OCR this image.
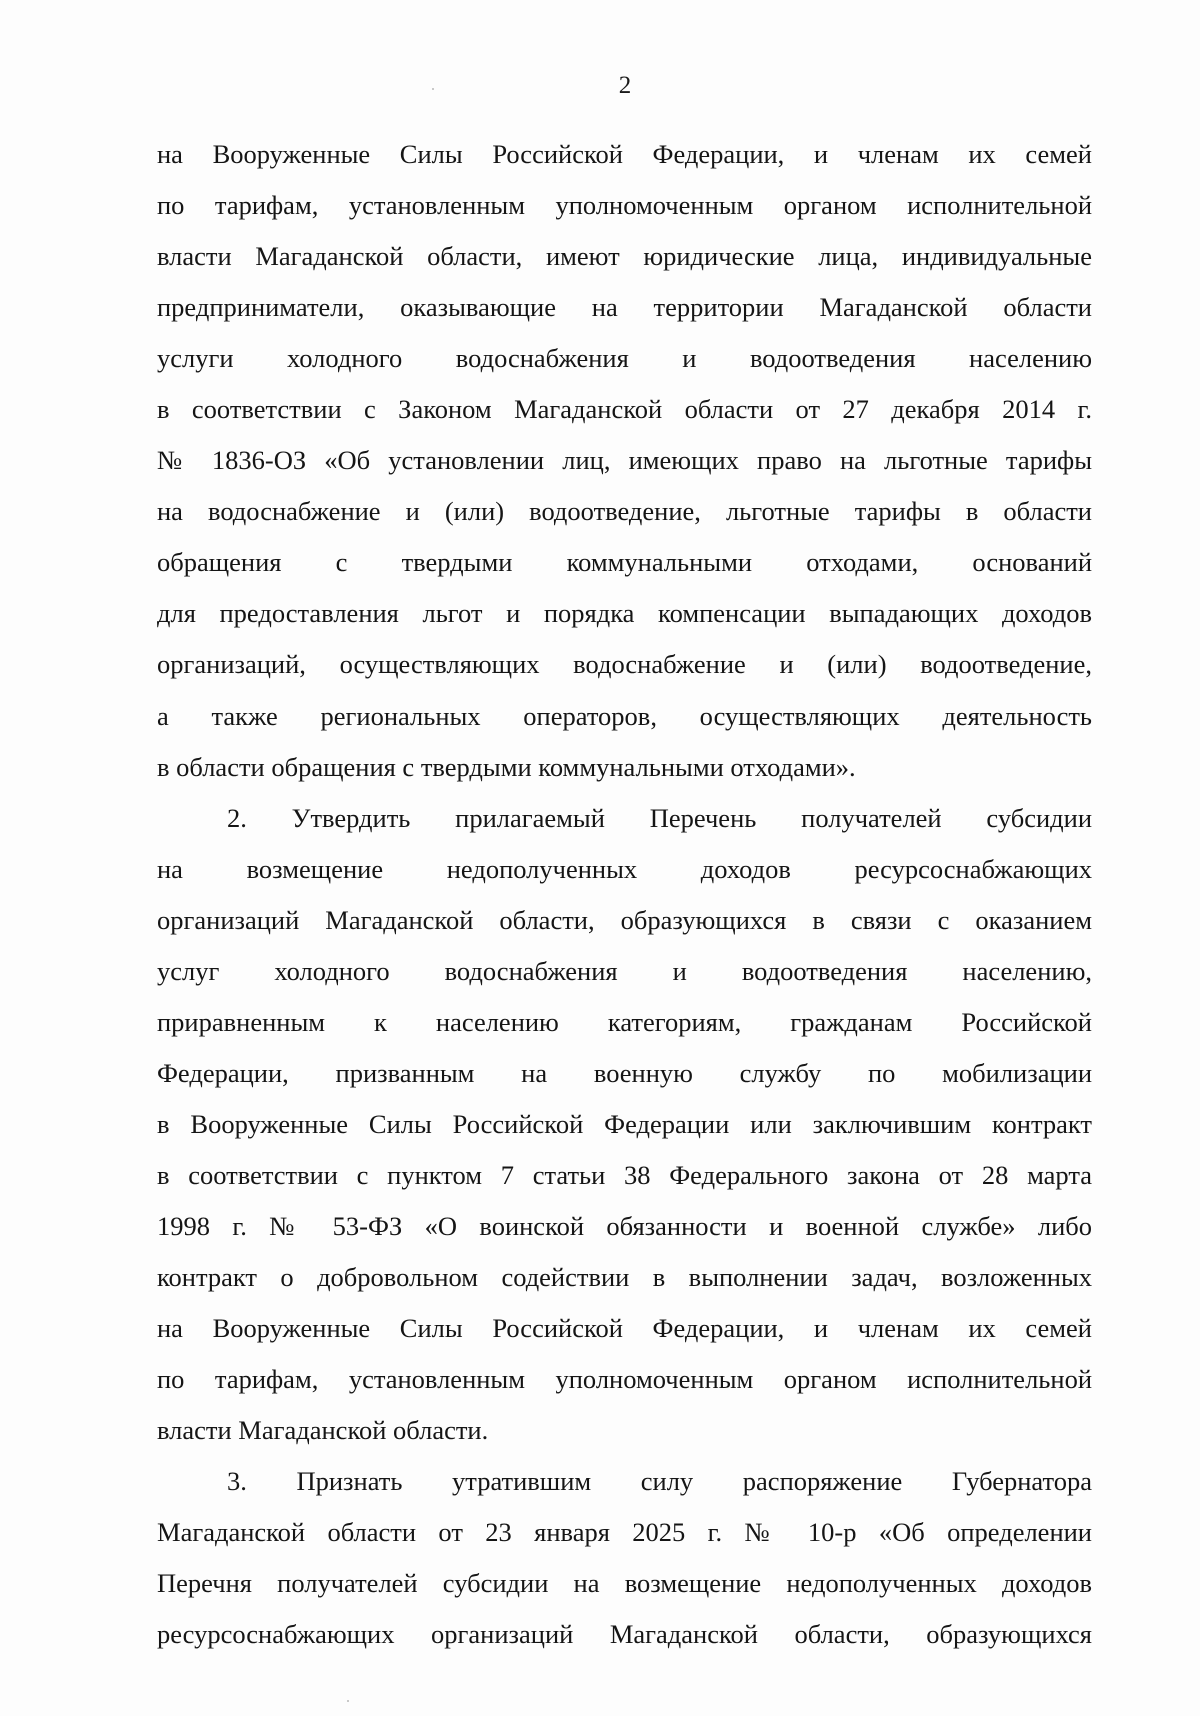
2
на Вооруженные Силы Российской Федерации, и членам их семей
по тарифам, установленным уполномоченным органом исполнительной
власти Магаданской области, имеют юридические лица, индивидуальные
предприниматели, оказывающие на территории Магаданской области
услуги холодного водоснабжения и водоотведения населению
в соответствии с Законом Магаданской области от 27 декабря 2014 г.
№ 1836-ОЗ «Об установлении лиц, имеющих право на льготные тарифы
на водоснабжение и (или) водоотведение, льготные тарифы в области
обращения с твердыми коммунальными отходами, оснований
для предоставления льгот и порядка компенсации выпадающих доходов
организаций, осуществляющих водоснабжение и (или) водоотведение,
а также региональных операторов, осуществляющих деятельность
в области обращения с твердыми коммунальными отходами».
2. Утвердить прилагаемый Перечень получателей субсидии
на возмещение недополученных доходов ресурсоснабжающих
организаций Магаданской области, образующихся в связи с оказанием
услуг холодного водоснабжения и водоотведения населению,
приравненным к населению категориям, гражданам Российской
Федерации, призванным на военную службу по мобилизации
в Вооруженные Силы Российской Федерации или заключившим контракт
в соответствии с пунктом 7 статьи 38 Федерального закона от 28 марта
1998 г. № 53-ФЗ «О воинской обязанности и военной службе» либо
контракт о добровольном содействии в выполнении задач, возложенных
на Вооруженные Силы Российской Федерации, и членам их семей
по тарифам, установленным уполномоченным органом исполнительной
власти Магаданской области.
3. Признать утратившим силу распоряжение Губернатора
Магаданской области от 23 января 2025 г. № 10-р «Об определении
Перечня получателей субсидии на возмещение недополученных доходов
ресурсоснабжающих организаций Магаданской области, образующихся
